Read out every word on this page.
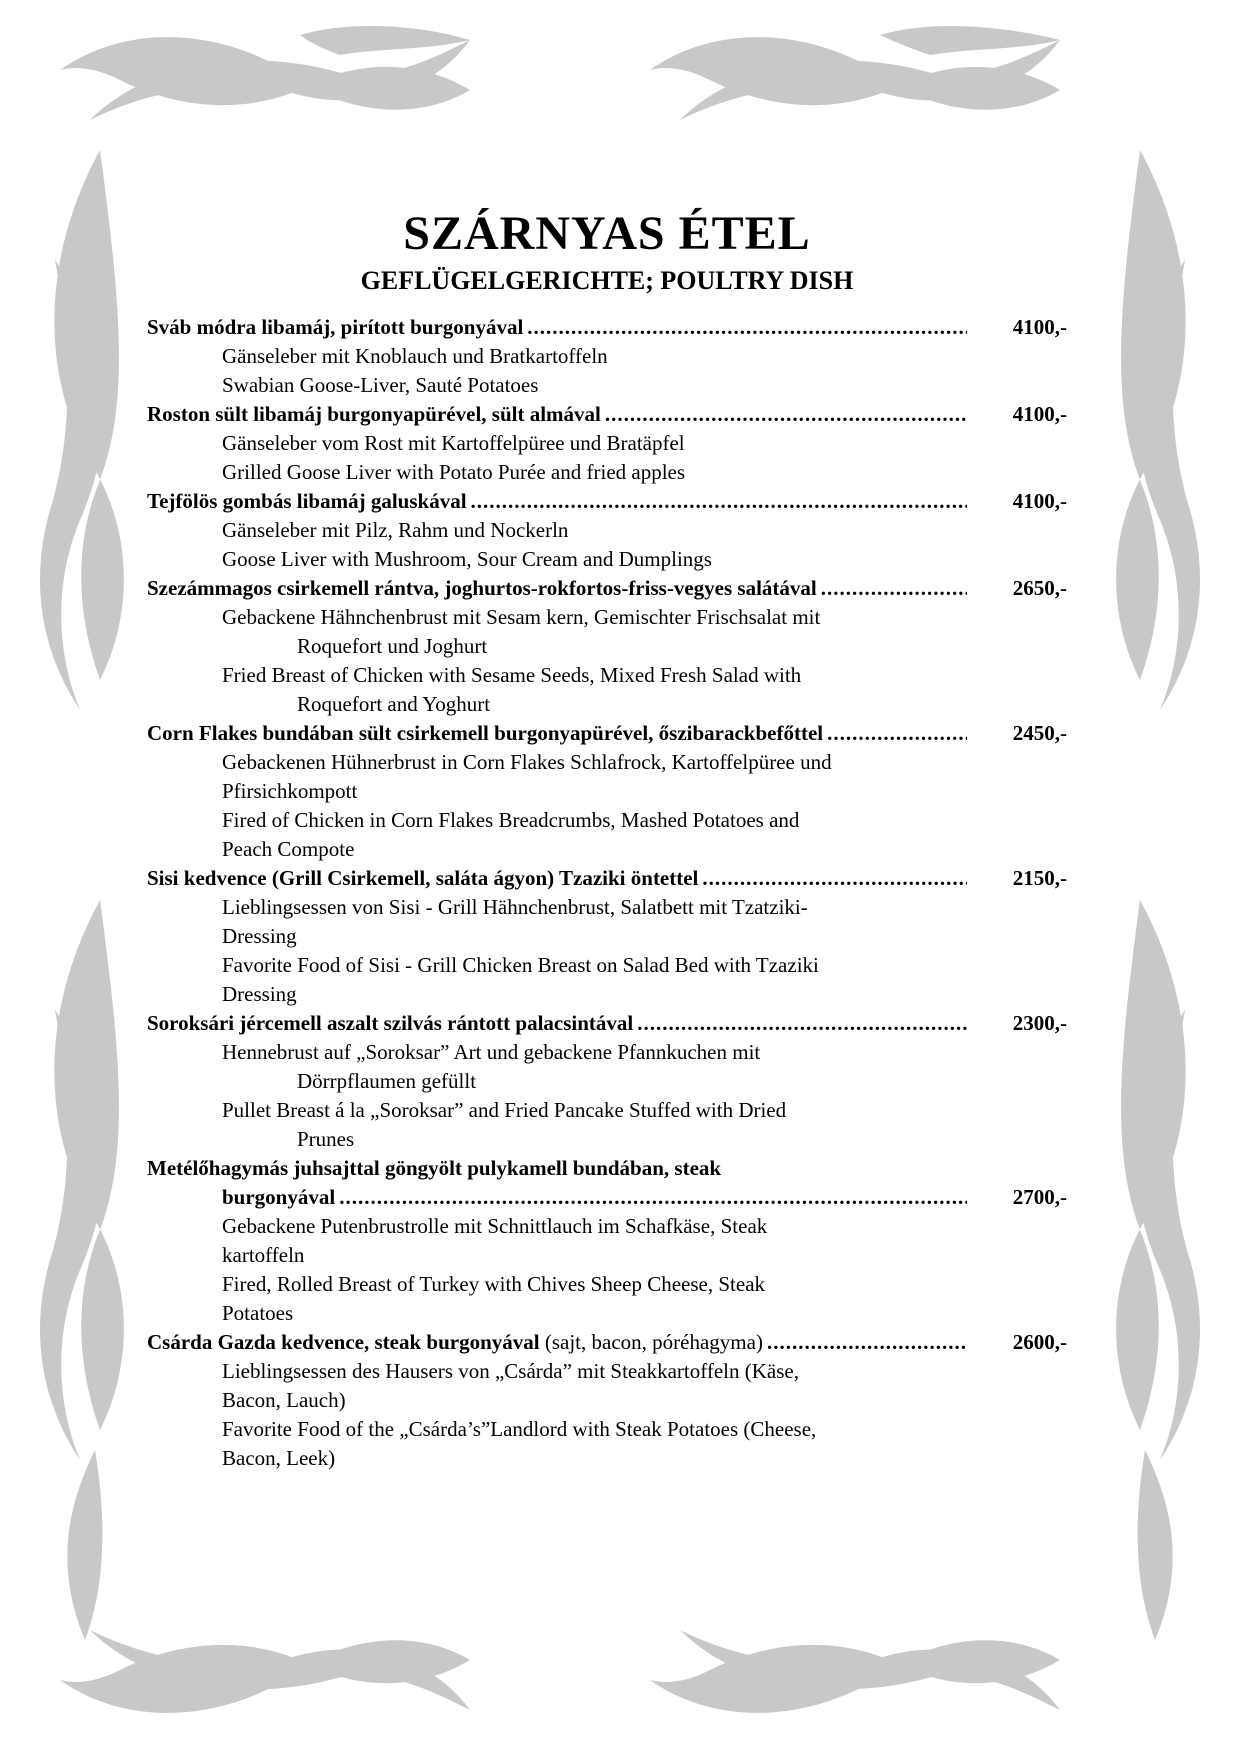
SZÁRNYAS ÉTEL
GEFLÜGELGERICHTE; POULTRY DISH
Sváb módra libamáj, pirított burgonyával .....	4100,-
Gänseleber mit Knoblauch und Bratkartoffeln
Swabian Goose-Liver, Sauté Potatoes
Roston sült libamáj burgonyapürével, sült almával .....	4100,-
Gänseleber vom Rost mit Kartoffelpüree und Bratäpfel
Grilled Goose Liver with Potato Purée and fried apples
Tejfölös gombás libamáj galuskával .....	4100,-
Gänseleber mit Pilz, Rahm und Nockerln
Goose Liver with Mushroom, Sour Cream and Dumplings
Szezámmagos csirkemell rántva, joghurtos-rokfortos-friss-vegyes salátával .....	2650,-
Gebackene Hähnchenbrust mit Sesam kern, Gemischter Frischsalat mit
Roquefort und Joghurt
Fried Breast of Chicken with Sesame Seeds, Mixed Fresh Salad with
Roquefort and Yoghurt
Corn Flakes bundában sült csirkemell burgonyapürével, őszibarackbefőttel .....	2450,-
Gebackenen Hühnerbrust in Corn Flakes Schlafrock, Kartoffelpüree und
Pfirsichkompott
Fired of Chicken in Corn Flakes Breadcrumbs, Mashed Potatoes and
Peach Compote
Sisi kedvence (Grill Csirkemell, saláta ágyon) Tzaziki öntettel .....	2150,-
Lieblingsessen von Sisi - Grill Hähnchenbrust, Salatbett mit Tzatziki-
Dressing
Favorite Food of Sisi - Grill Chicken Breast on Salad Bed with Tzaziki
Dressing
Soroksári jércemell aszalt szilvás rántott palacsintával .....	2300,-
Hennebrust auf „Soroksar” Art und gebackene Pfannkuchen mit
Dörrpflaumen gefüllt
Pullet Breast á la „Soroksar” and Fried Pancake Stuffed with Dried
Prunes
Metélőhagymás juhsajttal göngyölt pulykamell bundában, steak
burgonyával .....	2700,-
Gebackene Putenbrustrolle mit Schnittlauch im Schafkäse, Steak
kartoffeln
Fired, Rolled Breast of Turkey with Chives Sheep Cheese, Steak
Potatoes
Csárda Gazda kedvence, steak burgonyával (sajt, bacon, póréhagyma) .....	2600,-
Lieblingsessen des Hausers von „Csárda” mit Steakkartoffeln (Käse,
Bacon, Lauch)
Favorite Food of the „Csárda’s”Landlord with Steak Potatoes (Cheese,
Bacon, Leek)
